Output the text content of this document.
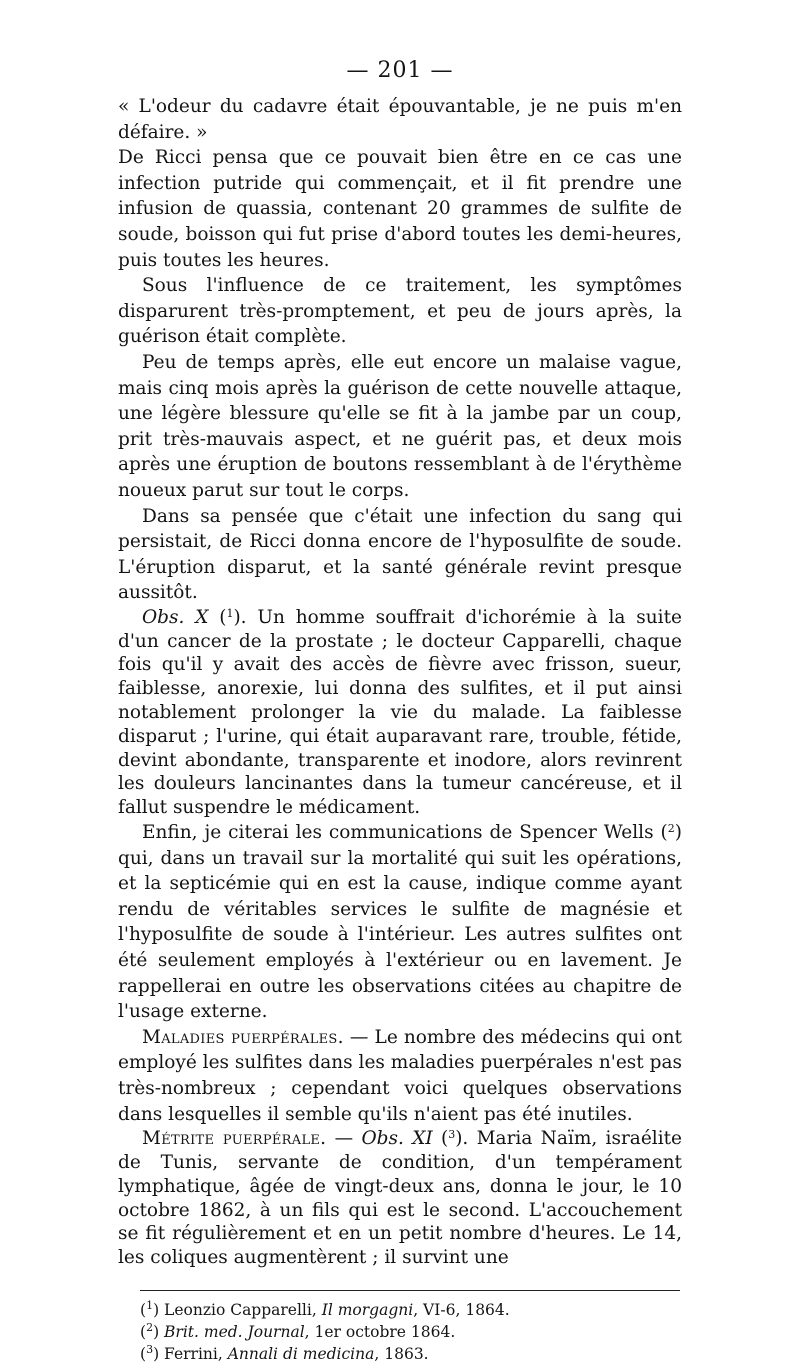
— 201 —

« L'odeur du cadavre était épouvantable, je ne puis m'en défaire. »

De Ricci pensa que ce pouvait bien être en ce cas une infection putride qui commençait, et il fit prendre une infusion de quassia, contenant 20 grammes de sulfite de soude, boisson qui fut prise d'abord toutes les demi-heures, puis toutes les heures.

Sous l'influence de ce traitement, les symptômes disparurent très-promptement, et peu de jours après, la guérison était complète.

Peu de temps après, elle eut encore un malaise vague, mais cinq mois après la guérison de cette nouvelle attaque, une légère blessure qu'elle se fit à la jambe par un coup, prit très-mauvais aspect, et ne guérit pas, et deux mois après une éruption de boutons ressemblant à de l'érythème noueux parut sur tout le corps.

Dans sa pensée que c'était une infection du sang qui persistait, de Ricci donna encore de l'hyposulfite de soude. L'éruption disparut, et la santé générale revint presque aussitôt.

Obs. X ($^1$). Un homme souffrait d'ichorémie à la suite d'un cancer de la prostate ; le docteur Capparelli, chaque fois qu'il y avait des accès de fièvre avec frisson, sueur, faiblesse, anorexie, lui donna des sulfites, et il put ainsi notablement prolonger la vie du malade. La faiblesse disparut ; l'urine, qui était auparavant rare, trouble, fétide, devint abondante, transparente et inodore, alors revinrent les douleurs lancinantes dans la tumeur cancéreuse, et il fallut suspendre le médicament.

Enfin, je citerai les communications de Spencer Wells ($^2$) qui, dans un travail sur la mortalité qui suit les opérations, et la septicémie qui en est la cause, indique comme ayant rendu de véritables services le sulfite de magnésie et l'hyposulfite de soude à l'intérieur. Les autres sulfites ont été seulement employés à l'extérieur ou en lavement. Je rappellerai en outre les observations citées au chapitre de l'usage externe.

Maladies puerpérales. — Le nombre des médecins qui ont employé les sulfites dans les maladies puerpérales n'est pas très-nombreux ; cependant voici quelques observations dans lesquelles il semble qu'ils n'aient pas été inutiles.

Métrite puerpérale. — Obs. XI ($^3$). Maria Naïm, israélite de Tunis, servante de condition, d'un tempérament lymphatique, âgée de vingt-deux ans, donna le jour, le 10 octobre 1862, à un fils qui est le second. L'accouchement se fit régulièrement et en un petit nombre d'heures. Le 14, les coliques augmentèrent ; il survint une

($^1$) Leonzio Capparelli, Il morgagni, VI-6, 1864.

($^2$) Brit. med. Journal, 1er octobre 1864.

($^3$) Ferrini, Annali di medicina, 1863.
